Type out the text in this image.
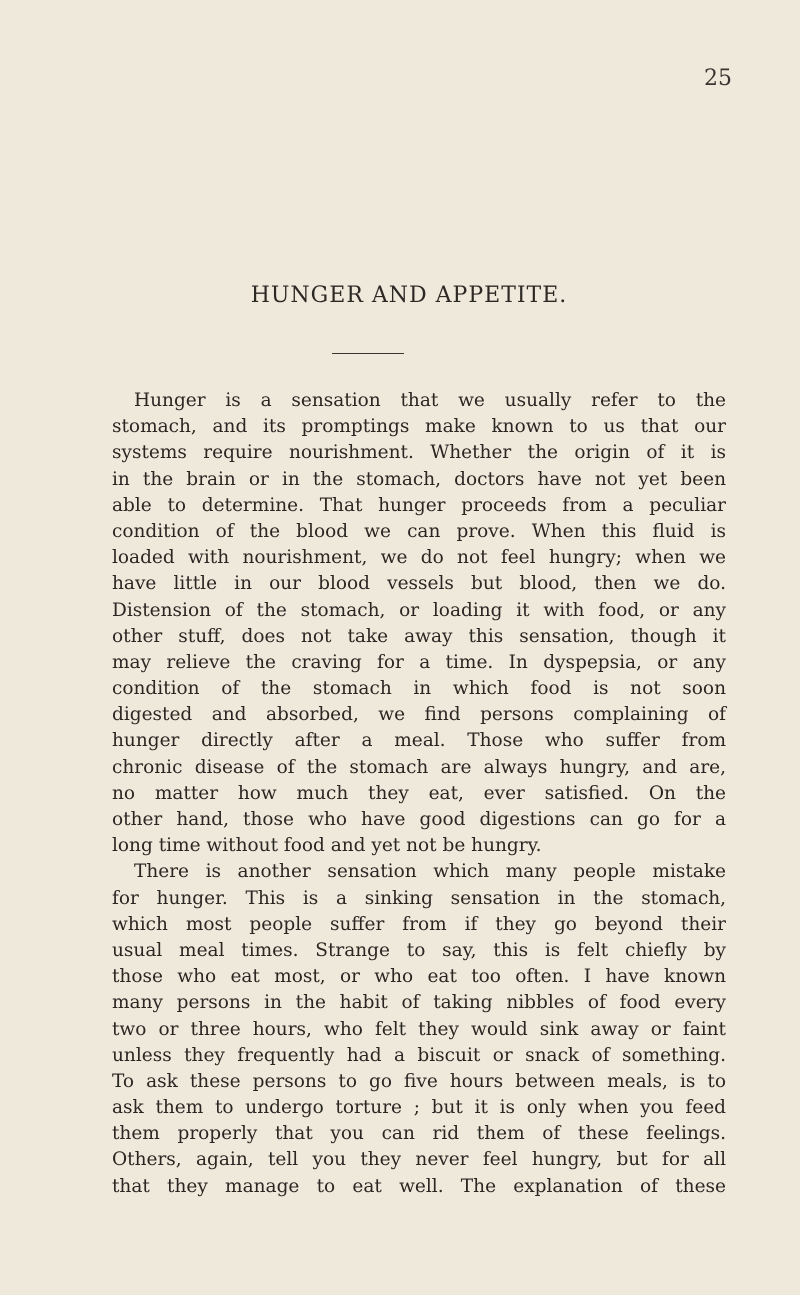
25
HUNGER AND APPETITE.
Hunger is a sensation that we usually refer to the
stomach, and its promptings make known to us that our
systems require nourishment. Whether the origin of it is
in the brain or in the stomach, doctors have not yet been
able to determine. That hunger proceeds from a peculiar
condition of the blood we can prove. When this fluid is
loaded with nourishment, we do not feel hungry; when we
have little in our blood vessels but blood, then we do.
Distension of the stomach, or loading it with food, or any
other stuff, does not take away this sensation, though it
may relieve the craving for a time. In dyspepsia, or any
condition of the stomach in which food is not soon
digested and absorbed, we find persons complaining of
hunger directly after a meal. Those who suffer from
chronic disease of the stomach are always hungry, and are,
no matter how much they eat, ever satisfied. On the
other hand, those who have good digestions can go for a
long time without food and yet not be hungry.
There is another sensation which many people mistake
for hunger. This is a sinking sensation in the stomach,
which most people suffer from if they go beyond their
usual meal times. Strange to say, this is felt chiefly by
those who eat most, or who eat too often. I have known
many persons in the habit of taking nibbles of food every
two or three hours, who felt they would sink away or faint
unless they frequently had a biscuit or snack of something.
To ask these persons to go five hours between meals, is to
ask them to undergo torture ; but it is only when you feed
them properly that you can rid them of these feelings.
Others, again, tell you they never feel hungry, but for all
that they manage to eat well. The explanation of these
